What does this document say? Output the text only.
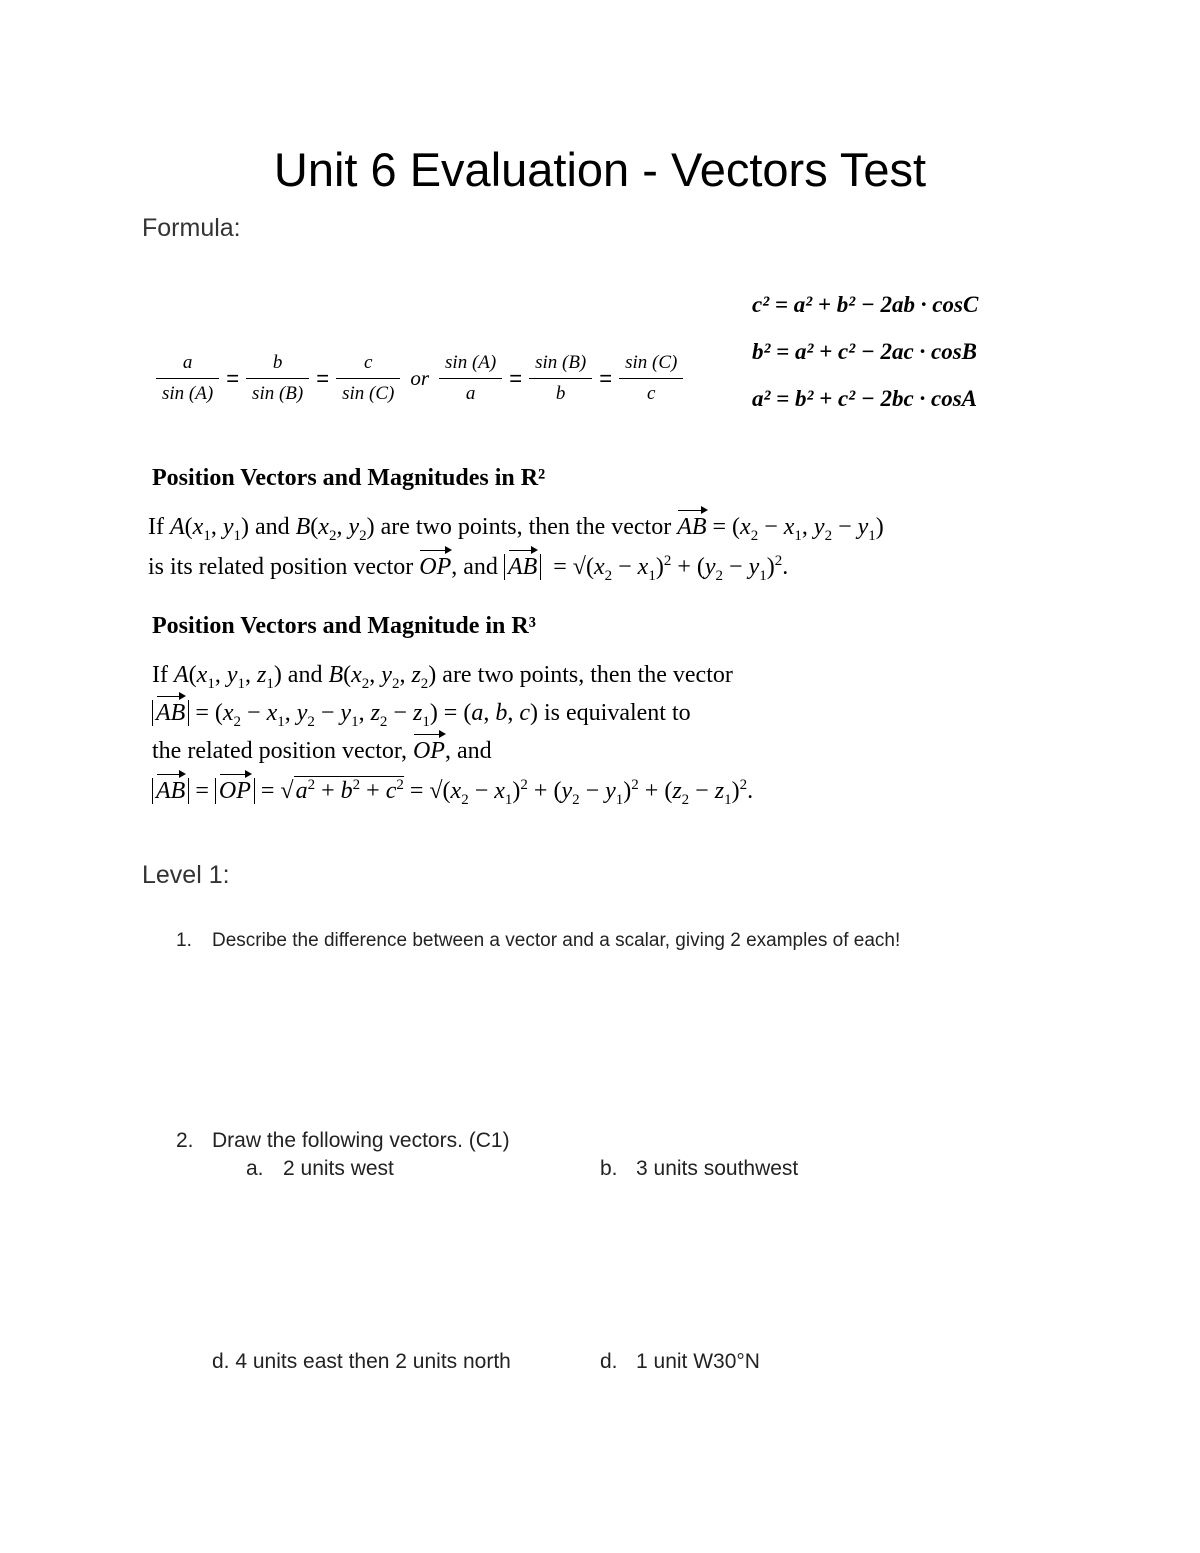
Unit 6 Evaluation - Vectors Test
Formula:
$\frac{a}{\sin (A)} = \frac{b}{\sin (B)} = \frac{c}{\sin (C)}$ or $\frac{\sin (A)}{a} = \frac{\sin (B)}{b} = \frac{\sin (C)}{c}$
c² = a² + b² − 2ab · cosC
b² = a² + c² − 2ac · cosB
a² = b² + c² − 2bc · cosA
Position Vectors and Magnitudes in R²
If $A(x_1$, $y_1$) and $B(x_2$, $y_2$) are two points, then the vector AB = ($x_2 - x_1$, $y_2 - y_1$)
is its related position vector OP, and AB  = $√(x_2 - x_1)^2 + (y_2 - y_1)^2$.
Position Vectors and Magnitude in R³
If $A(x_1$, $y_1$, $z_1$) and $B(x_2$, $y_2$, $z_2$) are two points, then the vector
AB = ($x_2 - x_1$, $y_2 - y_1$, $z_2 - z_1) = (a$, b, c) is equivalent to
the related position vector, OP, and
AB = OP = $√a^2 + b^2 + c^2 = √(x_2 - x_1)^2 + (y_2 - y_1)^2 + (z_2 - z_1)^2$.
Level 1:
1. Describe the difference between a vector and a scalar, giving 2 examples of each!
2. Draw the following vectors. (C1)
a. 2 units west	b. 3 units southwest
d. 4 units east then 2 units north	d. 1 unit W30°N
